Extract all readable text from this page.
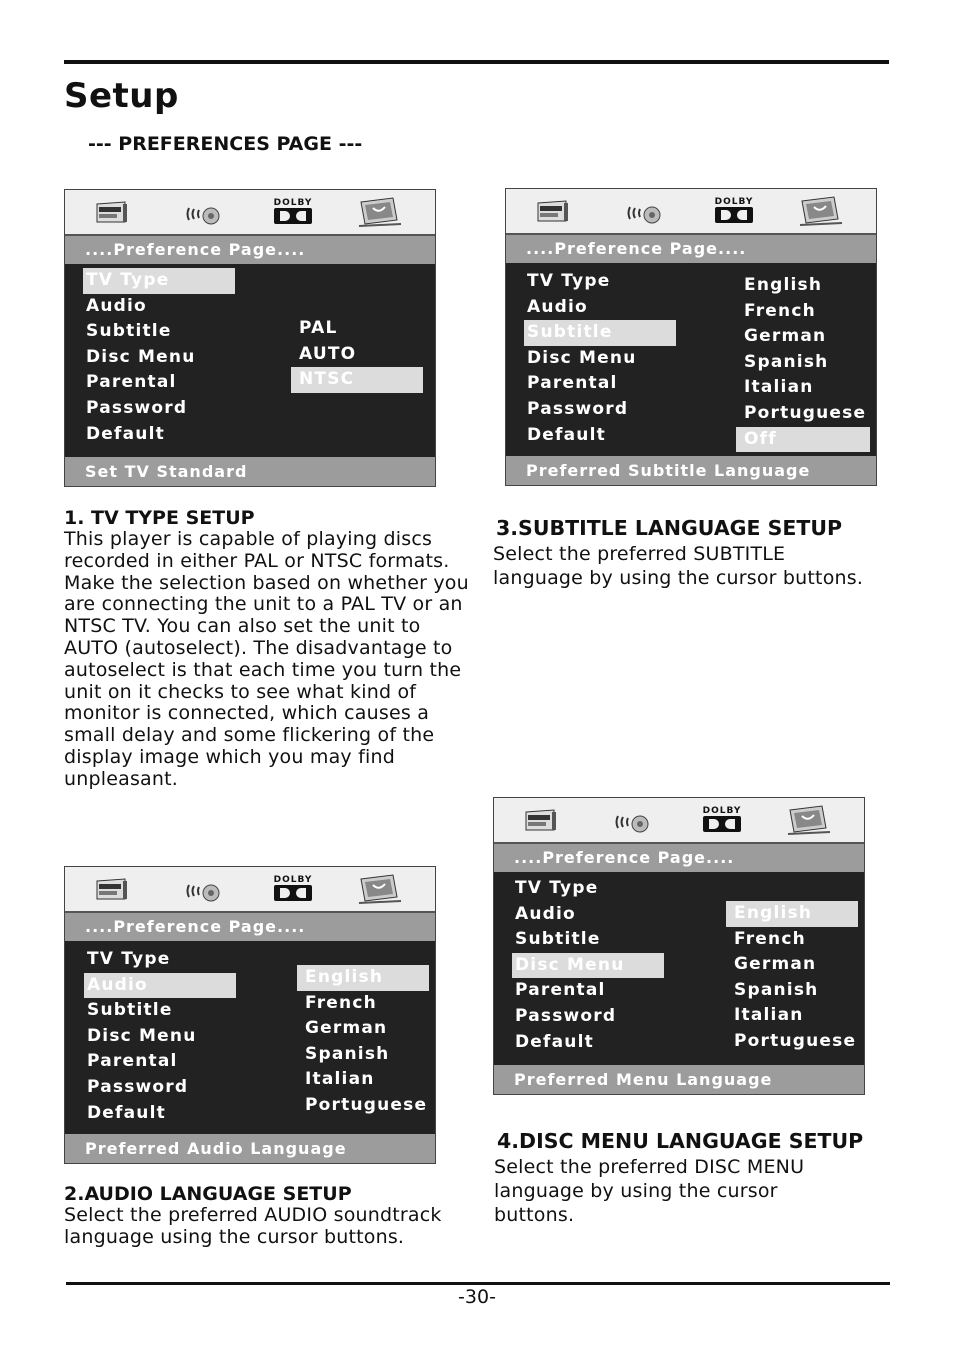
Setup
--- PREFERENCES PAGE ---
DOLBY
....Preference Page....
TV Type
Audio
Subtitle
Disc Menu
Parental
Password
Default
PAL
AUTO
NTSC
Set TV Standard
DOLBY
....Preference Page....
TV Type
Audio
Subtitle
Disc Menu
Parental
Password
Default
English
French
German
Spanish
Italian
Portuguese
Off
Preferred Subtitle Language
DOLBY
....Preference Page....
TV Type
Audio
Subtitle
Disc Menu
Parental
Password
Default
English
French
German
Spanish
Italian
Portuguese
Preferred Audio Language
DOLBY
....Preference Page....
TV Type
Audio
Subtitle
Disc Menu
Parental
Password
Default
English
French
German
Spanish
Italian
Portuguese
Preferred Menu Language
1. TV TYPE SETUP
This player is capable of playing discs
recorded in either PAL or NTSC formats.
Make the selection based on whether you
are connecting the unit to a PAL TV or an
NTSC TV. You can also set the unit to
AUTO (autoselect). The disadvantage to
autoselect is that each time you turn the
unit on it checks to see what kind of
monitor is connected, which causes a
small delay and some flickering of the
display image which you may find
unpleasant.
3.SUBTITLE LANGUAGE SETUP
Select the preferred SUBTITLE
language by using the cursor buttons.
2.AUDIO LANGUAGE SETUP
Select the preferred AUDIO soundtrack
language using the cursor buttons.
4.DISC MENU LANGUAGE SETUP
Select the preferred DISC MENU
language by using the cursor
buttons.
-30-
